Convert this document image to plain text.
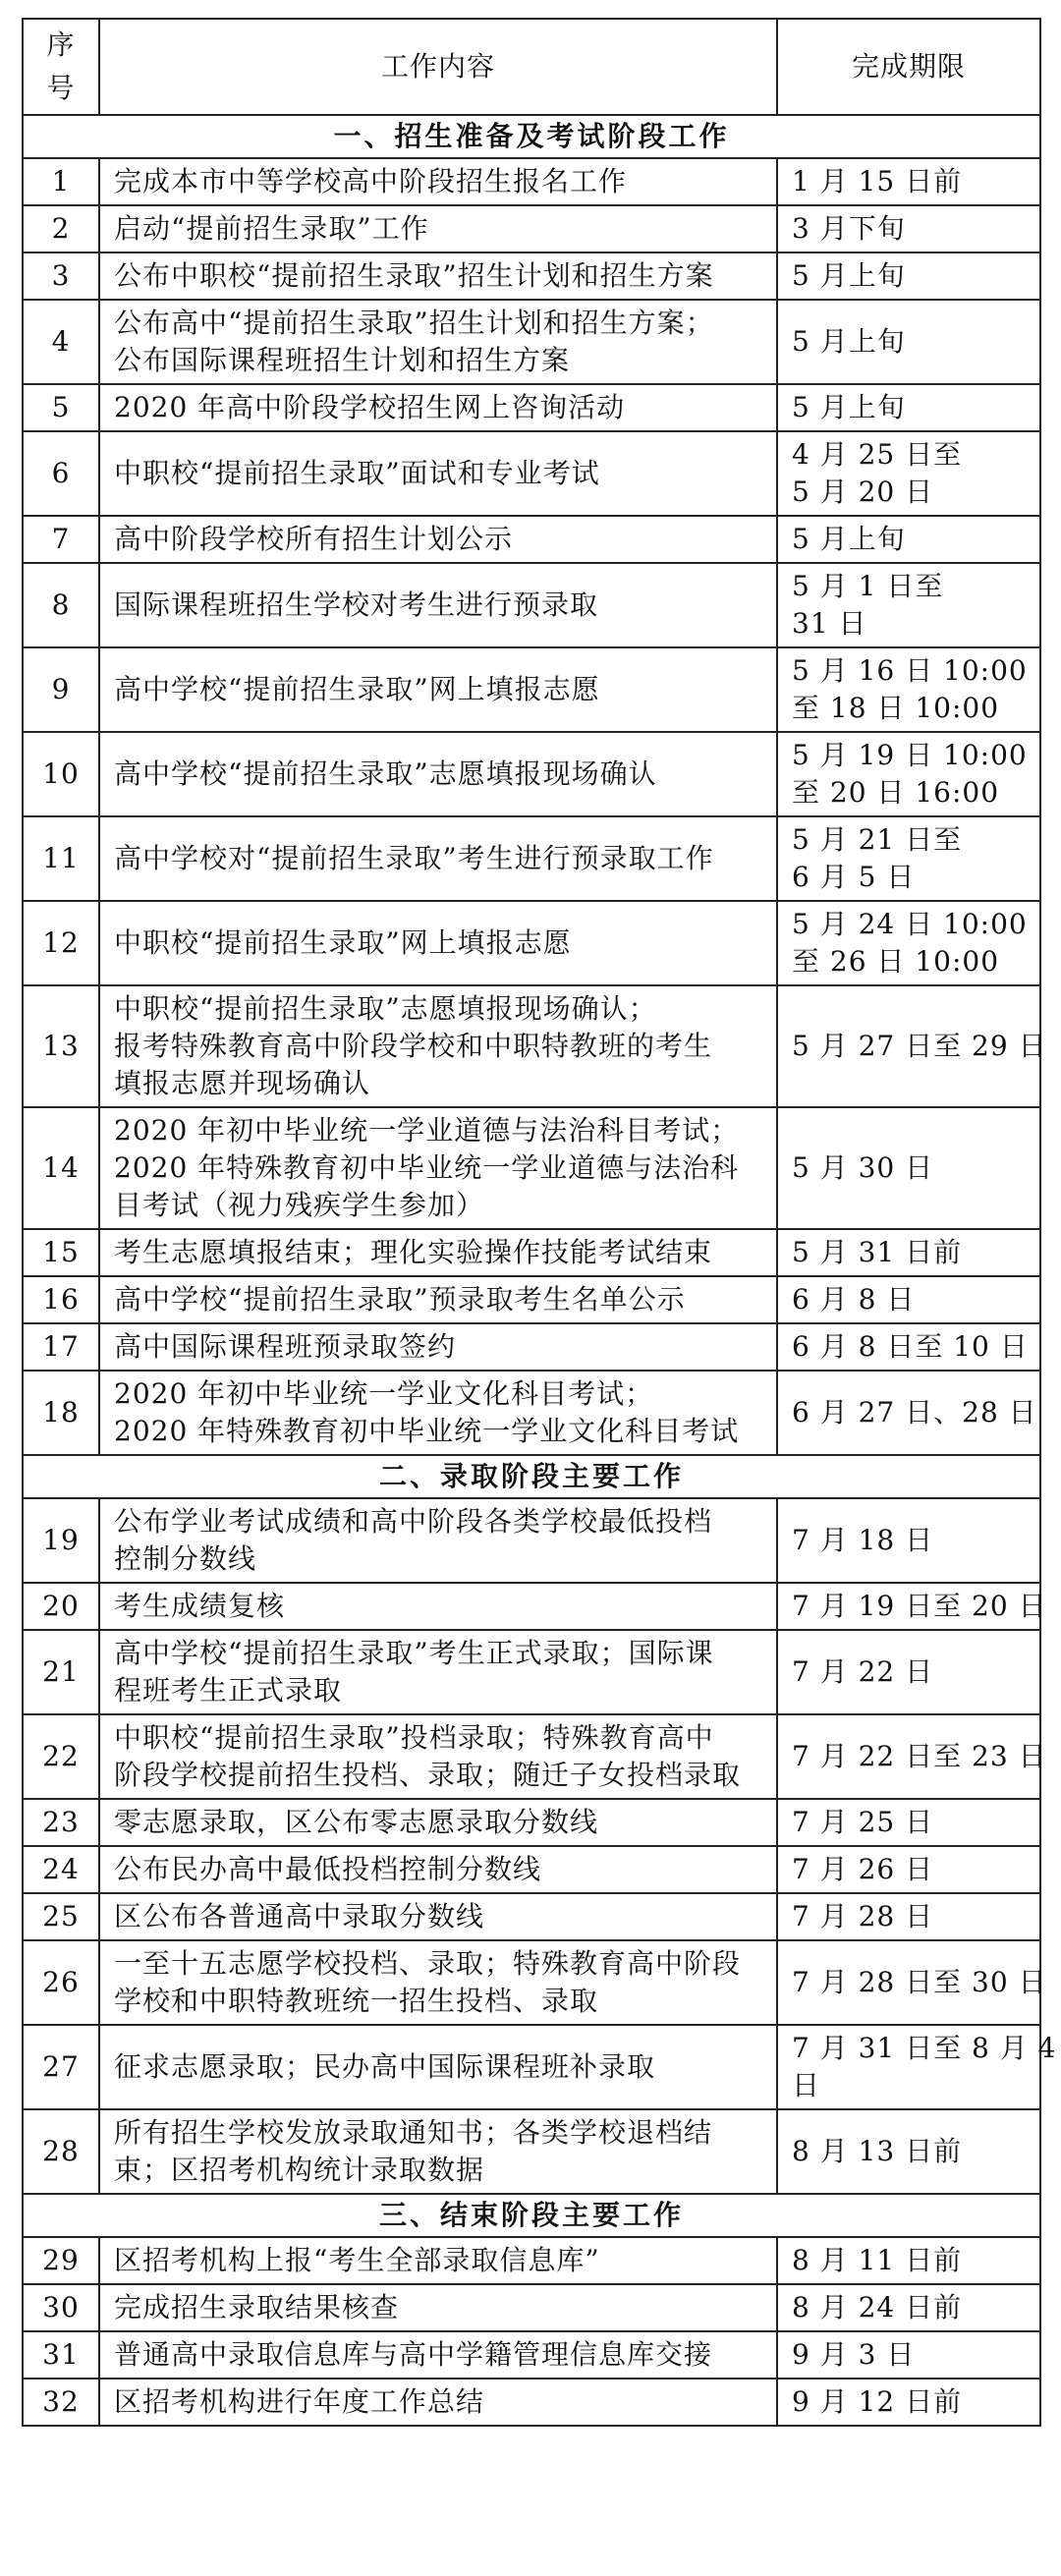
序
号	工作内容	完成期限
一、招生准备及考试阶段工作		
1	完成本市中等学校高中阶段招生报名工作	1 月 15 日前

2	启动“提前招生录取”工作	3 月下旬

3	公布中职校“提前招生录取”招生计划和招生方案	5 月上旬

4	公布高中“提前招生录取”招生计划和招生方案；
公布国际课程班招生计划和招生方案	5 月上旬

5	2020 年高中阶段学校招生网上咨询活动	5 月上旬

6	中职校“提前招生录取”面试和专业考试	4 月 25 日至
5 月 20 日

7	高中阶段学校所有招生计划公示	5 月上旬

8	国际课程班招生学校对考生进行预录取	5 月 1 日至
31 日

9	高中学校“提前招生录取”网上填报志愿	5 月 16 日 10:00
至 18 日 10:00

10	高中学校“提前招生录取”志愿填报现场确认	5 月 19 日 10:00
至 20 日 16:00

11	高中学校对“提前招生录取”考生进行预录取工作	5 月 21 日至
6 月 5 日

12	中职校“提前招生录取”网上填报志愿	5 月 24 日 10:00
至 26 日 10:00

13	中职校“提前招生录取”志愿填报现场确认；
报考特殊教育高中阶段学校和中职特教班的考生
填报志愿并现场确认	5 月 27 日至 29 日

14	2020 年初中毕业统一学业道德与法治科目考试；
2020 年特殊教育初中毕业统一学业道德与法治科
目考试（视力残疾学生参加）	5 月 30 日

15	考生志愿填报结束；理化实验操作技能考试结束	5 月 31 日前

16	高中学校“提前招生录取”预录取考生名单公示	6 月 8 日

17	高中国际课程班预录取签约	6 月 8 日至 10 日

18	2020 年初中毕业统一学业文化科目考试；
2020 年特殊教育初中毕业统一学业文化科目考试	6 月 27 日、28 日

二、录取阶段主要工作		
19	公布学业考试成绩和高中阶段各类学校最低投档
控制分数线	7 月 18 日

20	考生成绩复核	7 月 19 日至 20 日

21	高中学校“提前招生录取”考生正式录取；国际课
程班考生正式录取	7 月 22 日

22	中职校“提前招生录取”投档录取；特殊教育高中
阶段学校提前招生投档、录取；随迁子女投档录取	7 月 22 日至 23 日

23	零志愿录取，区公布零志愿录取分数线	7 月 25 日

24	公布民办高中最低投档控制分数线	7 月 26 日

25	区公布各普通高中录取分数线	7 月 28 日

26	一至十五志愿学校投档、录取；特殊教育高中阶段
学校和中职特教班统一招生投档、录取	7 月 28 日至 30 日

27	征求志愿录取；民办高中国际课程班补录取	7 月 31 日至 8 月 4
日

28	所有招生学校发放录取通知书；各类学校退档结
束；区招考机构统计录取数据	8 月 13 日前

三、结束阶段主要工作		
29	区招考机构上报“考生全部录取信息库”	8 月 11 日前

30	完成招生录取结果核查	8 月 24 日前

31	普通高中录取信息库与高中学籍管理信息库交接	9 月 3 日

32	区招考机构进行年度工作总结	9 月 12 日前
